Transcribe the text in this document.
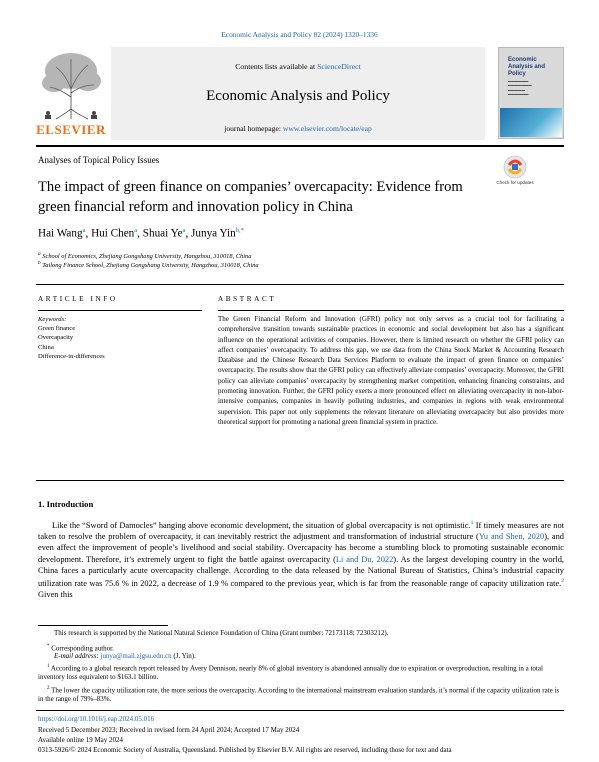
Economic Analysis and Policy 82 (2024) 1320–1336
ELSEVIER
Contents lists available at ScienceDirect
Economic Analysis and Policy
journal homepage: www.elsevier.com/locate/eap
Economic Analysis and Policy
▬▬▬▬▬▬
▬▬▬▬▬▬▬
▬▬▬▬▬
▬▬▬▬▬▬
Analyses of Topical Policy Issues
The impact of green finance on companies’ overcapacity: Evidence from green financial reform and innovation policy in China
Check for updates
Hai Wang$^a$, Hui Chen$^a$, Shuai Ye$^a$, Junya Yin$^{b,*}$
$^a$ School of Economics, Zhejiang Gongshang University, Hangzhou, 310018, China
$^b$ Tailong Finance School, Zhejiang Gongshang University, Hangzhou, 310018, China
ARTICLE INFO	ABSTRACT
Keywords:
Green finance
Overcapacity
China
Difference-in-differences
The Green Financial Reform and Innovation (GFRI) policy not only serves as a crucial tool for facilitating a comprehensive transition towards sustainable practices in economic and social development but also has a significant influence on the operational activities of companies. However, there is limited research on whether the GFRI policy can affect companies’ overcapacity. To address this gap, we use data from the China Stock Market & Accounting Research Database and the Chinese Research Data Services Platform to evaluate the impact of green finance on companies’ overcapacity. The results show that the GFRI policy can effectively alleviate companies’ overcapacity. Moreover, the GFRI policy can alleviate companies’ overcapacity by strengthening market competition, enhancing financing constraints, and promoting innovation. Further, the GFRI policy exerts a more pronounced effect on alleviating overcapacity in non-labor-intensive companies, companies in heavily polluting industries, and companies in regions with weak environmental supervision. This paper not only supplements the relevant literature on alleviating overcapacity but also provides more theoretical support for promoting a national green financial system in practice.
1. Introduction
Like the “Sword of Damocles” hanging above economic development, the situation of global overcapacity is not optimistic.$^1$ If timely measures are not taken to resolve the problem of overcapacity, it can inevitably restrict the adjustment and transformation of industrial structure (Yu and Shen, 2020), and even affect the improvement of people’s livelihood and social stability. Overcapacity has become a stumbling block to promoting sustainable economic development. Therefore, it’s extremely urgent to fight the battle against overcapacity (Li and Du, 2022). As the largest developing country in the world, China faces a particularly acute overcapacity challenge. According to the data released by the National Bureau of Statistics, China’s industrial capacity utilization rate was 75.6 % in 2022, a decrease of 1.9 % compared to the previous year, which is far from the reasonable range of capacity utilization rate.$^2$ Given this
This research is supported by the National Natural Science Foundation of China (Grant number: 72173118; 72303212).
* Corresponding author.
E-mail address: junya@mail.zjgsu.edu.cn (J. Yin).
$^1$ According to a global research report released by Avery Dennison, nearly 8% of global inventory is abandoned annually due to expiration or overproduction, resulting in a total inventory loss equivalent to $163.1 billion.
$^2$ The lower the capacity utilization rate, the more serious the overcapacity. According to the international mainstream evaluation standards, it’s normal if the capacity utilization rate is in the range of 79%–83%.
https://doi.org/10.1016/j.eap.2024.05.016
Received 5 December 2023; Received in revised form 24 April 2024; Accepted 17 May 2024
Available online 19 May 2024
0313-5926/© 2024 Economic Society of Australia, Queensland. Published by Elsevier B.V. All rights are reserved, including those for text and data
